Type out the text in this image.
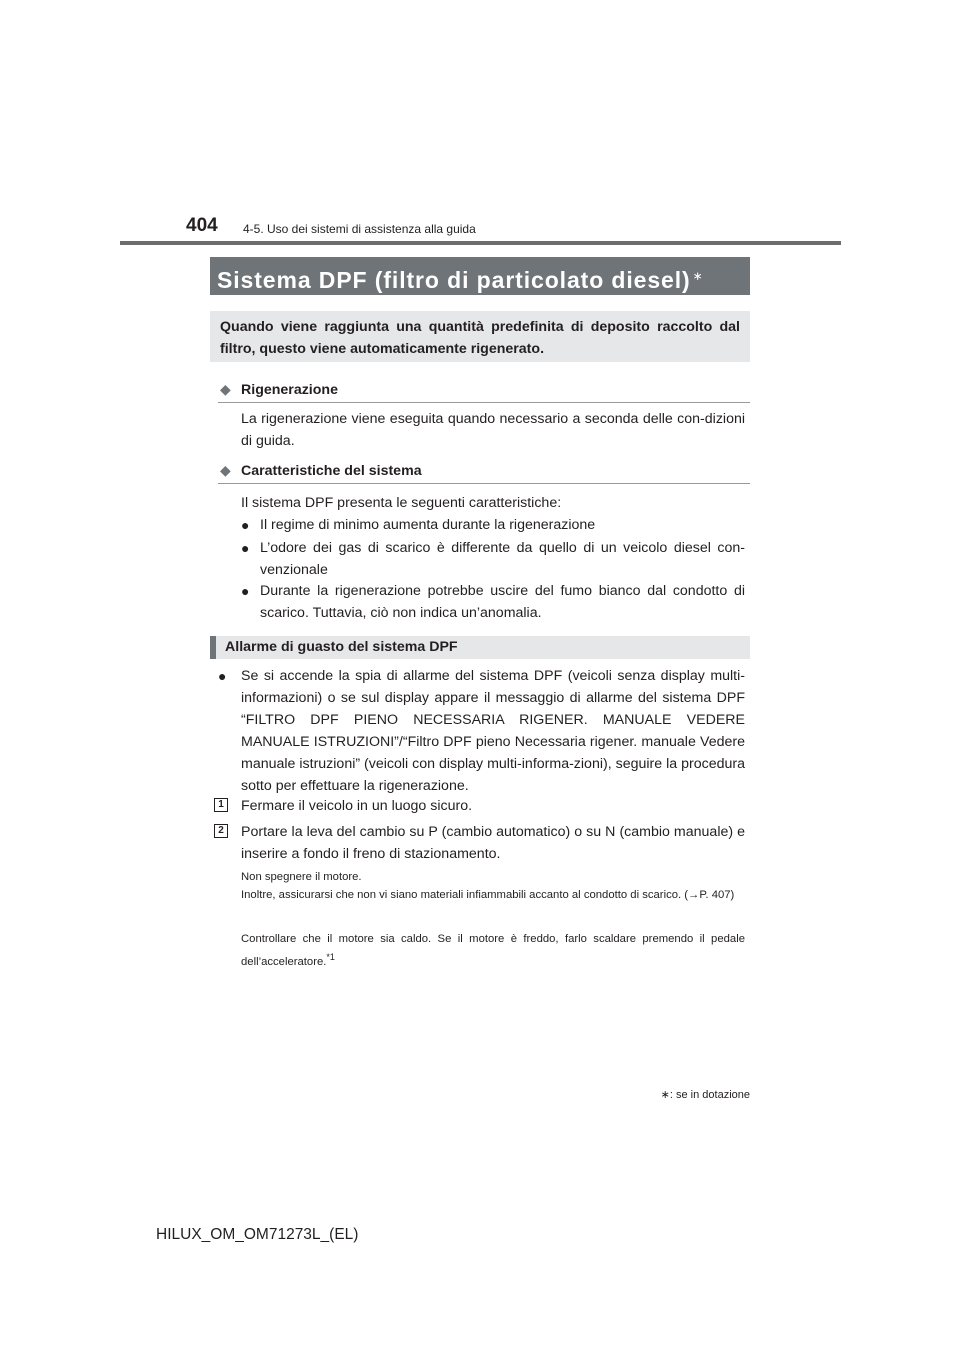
404 4-5. Uso dei sistemi di assistenza alla guida
Sistema DPF (filtro di particolato diesel) ∗
Quando viene raggiunta una quantità predefinita di deposito raccolto dal filtro, questo viene automaticamente rigenerato.
◆ Rigenerazione
La rigenerazione viene eseguita quando necessario a seconda delle con-dizioni di guida.
◆ Caratteristiche del sistema
Il sistema DPF presenta le seguenti caratteristiche:
● Il regime di minimo aumenta durante la rigenerazione
● L’odore dei gas di scarico è differente da quello di un veicolo diesel con-venzionale
● Durante la rigenerazione potrebbe uscire del fumo bianco dal condotto di scarico. Tuttavia, ciò non indica un’anomalia.
Allarme di guasto del sistema DPF
● Se si accende la spia di allarme del sistema DPF (veicoli senza display multi-informazioni) o se sul display appare il messaggio di allarme del sistema DPF “FILTRO DPF PIENO NECESSARIA RIGENER. MANUALE VEDERE MANUALE ISTRUZIONI”/“Filtro DPF pieno Necessaria rigener. manuale Vedere manuale istruzioni” (veicoli con display multi-informa-zioni), seguire la procedura sotto per effettuare la rigenerazione.
1 Fermare il veicolo in un luogo sicuro.
2 Portare la leva del cambio su P (cambio automatico) o su N (cambio manuale) e inserire a fondo il freno di stazionamento.
Non spegnere il motore.
Inoltre, assicurarsi che non vi siano materiali infiammabili accanto al condotto di scarico. (→P. 407)
Controllare che il motore sia caldo. Se il motore è freddo, farlo scaldare premendo il pedale dell’acceleratore.$^{*1}$
∗: se in dotazione
HILUX_OM_OM71273L_(EL)
